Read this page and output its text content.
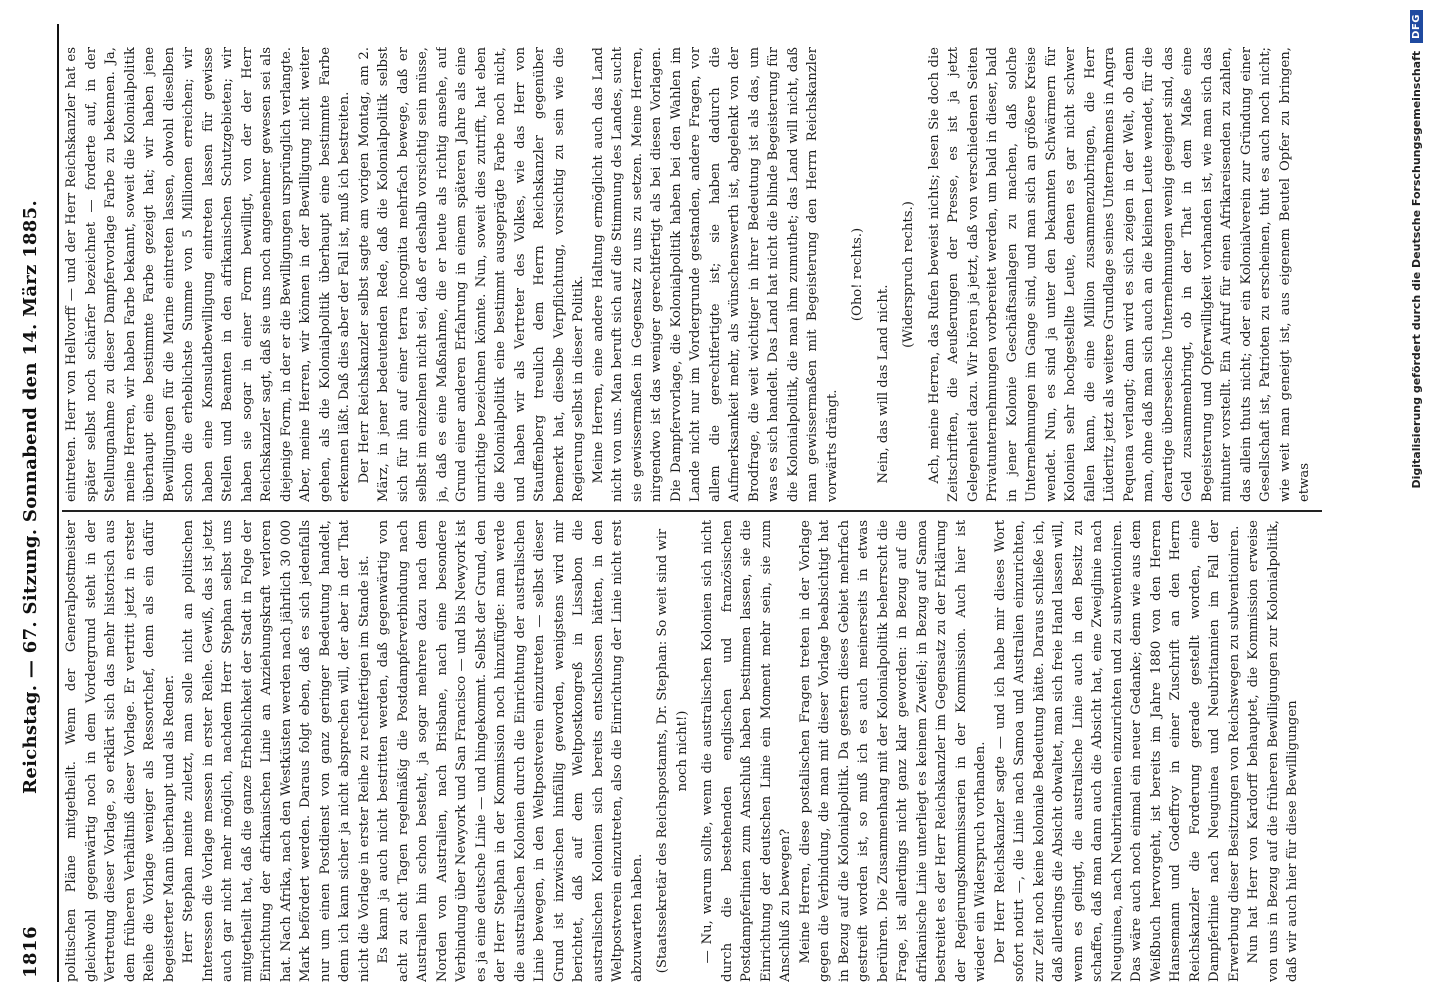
1816
Reichstag. — 67. Sitzung. Sonnabend den 14. März 1885. politischen Pläne mitgetheilt. Wenn der Generalpostmeister gleichwohl gegenwärtig noch in dem Vordergrund steht in der Vertretung dieser Vorlage, so erklärt sich das mehr historisch aus dem früheren Verhältniß dieser Vorlage. Er vertritt jetzt in erster Reihe die Vorlage weniger als Ressortchef, denn als ein dafür begeisterter Mann überhaupt und als Redner. Herr Stephan meinte zuletzt, man solle nicht an politischen Interessen die Vorlage messen in erster Reihe. Gewiß, das ist jetzt auch gar nicht mehr möglich, nachdem Herr Stephan selbst uns mitgetheilt hat, daß die ganze Erheblichkeit der Stadt in Folge der Einrichtung der afrikanischen Linie an Anziehungskraft verloren hat. Nach Afrika, nach den Westküsten werden nach jährlich 30 000 Mark befördert werden. Daraus folgt eben, daß es sich jedenfalls nur um einen Postdienst von ganz geringer Bedeutung handelt, denn ich kann sicher ja nicht absprechen will, der aber in der That nicht die Vorlage in erster Reihe zu rechtfertigen im Stande ist. Es kann ja auch nicht bestritten werden, daß gegenwärtig von acht zu acht Tagen regelmäßig die Postdampferverbindung nach Australien hin schon besteht, ja sogar mehrere dazu nach dem Norden von Australien, nach Brisbane, nach eine besondere Verbindung über Newyork und San Francisco — und bis Newyork ist es ja eine deutsche Linie — und hingekommt. Selbst der Grund, den der Herr Stephan in der Kommission noch hinzufügte: man werde die australischen Kolonien durch die Einrichtung der australischen Linie bewegen, in den Weltpostverein einzutreten — selbst dieser Grund ist inzwischen hinfällig geworden, wenigstens wird mir berichtet, daß auf dem Weltpostkongreß in Lissabon die australischen Kolonien sich bereits entschlossen hätten, in den Weltpostverein einzutreten, also die Einrichtung der Linie nicht erst abzuwarten haben. (Staatssekretär des Reichspostamts, Dr. Stephan: So weit sind wir noch nicht!) — Nu, warum sollte, wenn die australischen Kolonien sich nicht durch die bestehenden englischen und französischen Postdampferlinien zum Anschluß haben bestimmen lassen, sie die Einrichtung der deutschen Linie ein Moment mehr sein, sie zum Anschluß zu bewegen? Meine Herren, diese postalischen Fragen treten in der Vorlage gegen die Verbindung, die man mit dieser Vorlage beabsichtigt hat in Bezug auf die Kolonialpolitik. Da gestern dieses Gebiet mehrfach gestreift worden ist, so muß ich es auch meinerseits in etwas berühren. Die Zusammenhang mit der Kolonialpolitik beherrscht die Frage, ist allerdings nicht ganz klar geworden: in Bezug auf die afrikanische Linie unterliegt es keinem Zweifel; in Bezug auf Samoa bestreitet es der Herr Reichskanzler im Gegensatz zu der Erklärung der Regierungskommissarien in der Kommission. Auch hier ist wieder ein Widerspruch vorhanden. Der Herr Reichskanzler sagte — und ich habe mir dieses Wort sofort notirt —, die Linie nach Samoa und Australien einzurichten, zur Zeit noch keine koloniale Bedeutung hätte. Daraus schließe ich, daß allerdings die Absicht obwaltet, man sich freie Hand lassen will, wenn es gelingt, die australische Linie auch in den Besitz zu schaffen, daß man dann auch die Absicht hat, eine Zweiglinie nach Neuguinea, nach Neubritannien einzurichten und zu subventioniren. Das wäre auch noch einmal ein neuer Gedanke; denn wie aus dem Weißbuch hervorgeht, ist bereits im Jahre 1880 von den Herren Hansemann und Godeffroy in einer Zuschrift an den Herrn Reichskanzler die Forderung gerade gestellt worden, eine Dampferlinie nach Neuguinea und Neubritannien im Fall der Erwerbung dieser Besitzungen von Reichswegen zu subventioniren. Nun hat Herr von Kardorff behauptet, die Kommission erweise von uns in Bezug auf die früheren Bewilligungen zur Kolonialpolitik, daß wir auch hier für diese Bewilligungen

eintreten. Herr von Hellvorff — und der Herr Reichskanzler hat es später selbst noch schärfer bezeichnet — forderte auf, in der Stellungnahme zu dieser Dampfervorlage Farbe zu bekennen. Ja, meine Herren, wir haben Farbe bekannt, soweit die Kolonialpolitik überhaupt eine bestimmte Farbe gezeigt hat; wir haben jene Bewilligungen für die Marine eintreten lassen, obwohl dieselben schon die erheblichste Summe von 5 Millionen erreichen; wir haben eine Konsulatbewilligung eintreten lassen für gewisse Stellen und Beamten in den afrikanischen Schutzgebieten; wir haben sie sogar in einer Form bewilligt, von der der Herr Reichskanzler sagt, daß sie uns noch angenehmer gewesen sei als diejenige Form, in der er die Bewilligungen ursprünglich verlangte. Aber, meine Herren, wir können in der Bewilligung nicht weiter gehen, als die Kolonialpolitik überhaupt eine bestimmte Farbe erkennen läßt. Daß dies aber der Fall ist, muß ich bestreiten. Der Herr Reichskanzler selbst sagte am vorigen Montag, am 2. März, in jener bedeutenden Rede, daß die Kolonialpolitik selbst sich für ihn auf einer terra incognita mehrfach bewege, daß er selbst im einzelnen nicht sei, daß er deshalb vorsichtig sein müsse, ja, daß es eine Maßnahme, die er heute als richtig ansehe, auf Grund einer anderen Erfahrung in einem späteren Jahre als eine unrichtige bezeichnen könnte. Nun, soweit dies zutrifft, hat eben die Kolonialpolitik eine bestimmt ausgeprägte Farbe noch nicht, und haben wir als Vertreter des Volkes, wie das Herr von Stauffenberg treulich dem Herrn Reichskanzler gegenüber bemerkt hat, dieselbe Verpflichtung, vorsichtig zu sein wie die Regierung selbst in dieser Politik. Meine Herren, eine andere Haltung ermöglicht auch das Land nicht von uns. Man beruft sich auf die Stimmung des Landes, sucht sie gewissermaßen in Gegensatz zu uns zu setzen. Meine Herren, nirgendwo ist das weniger gerechtfertigt als bei diesen Vorlagen. Die Dampfervorlage, die Kolonialpolitik haben bei den Wahlen im Lande nicht nur im Vordergrunde gestanden, andere Fragen, vor allem die gerechtfertigte ist; sie haben dadurch die Aufmerksamkeit mehr, als wünschenswerth ist, abgelenkt von der Brodfrage, die weit wichtiger in ihrer Bedeutung ist als das, um was es sich handelt. Das Land hat nicht die blinde Begeisterung für die Kolonialpolitik, die man ihm zumuthet; das Land will nicht, daß man gewissermaßen mit Begeisterung den Herrn Reichskanzler vorwärts drängt.

(Oho! rechts.)

Nein, das will das Land nicht.

(Widerspruch rechts.) Ach, meine Herren, das Rufen beweist nichts; lesen Sie doch die Zeitschriften, die Aeußerungen der Presse, es ist ja jetzt Gelegenheit dazu. Wir hören ja jetzt, daß von verschiedenen Seiten Privatunternehmungen vorbereitet werden, um bald in dieser, bald in jener Kolonie Geschäftsanlagen zu machen, daß solche Unternehmungen im Gange sind, und man sich an größere Kreise wendet. Nun, es sind ja unter den bekannten Schwärmern für Kolonien sehr hochgestellte Leute, denen es gar nicht schwer fallen kann, die eine Million zusammenzubringen, die Herr Lüderitz jetzt als weitere Grundlage seines Unternehmens in Angra Pequena verlangt; dann wird es sich zeigen in der Welt, ob denn man, ohne daß man sich auch an die kleinen Leute wendet, für die derartige überseeische Unternehmungen wenig geeignet sind, das Geld zusammenbringt, ob in der That in dem Maße eine Begeisterung und Opferwilligkeit vorhanden ist, wie man sich das mitunter vorstellt. Ein Aufruf für einen Afrikareisenden zu zahlen, das allein thuts nicht; oder ein Kolonialverein zur Gründung einer Gesellschaft ist, Patrioten zu erscheinen, thut es auch noch nicht; wie weit man geneigt ist, aus eigenem Beutel Opfer zu bringen, etwas	Digitalisierung gefördert durch die Deutsche Forschungsgemeinschaft
DFG
